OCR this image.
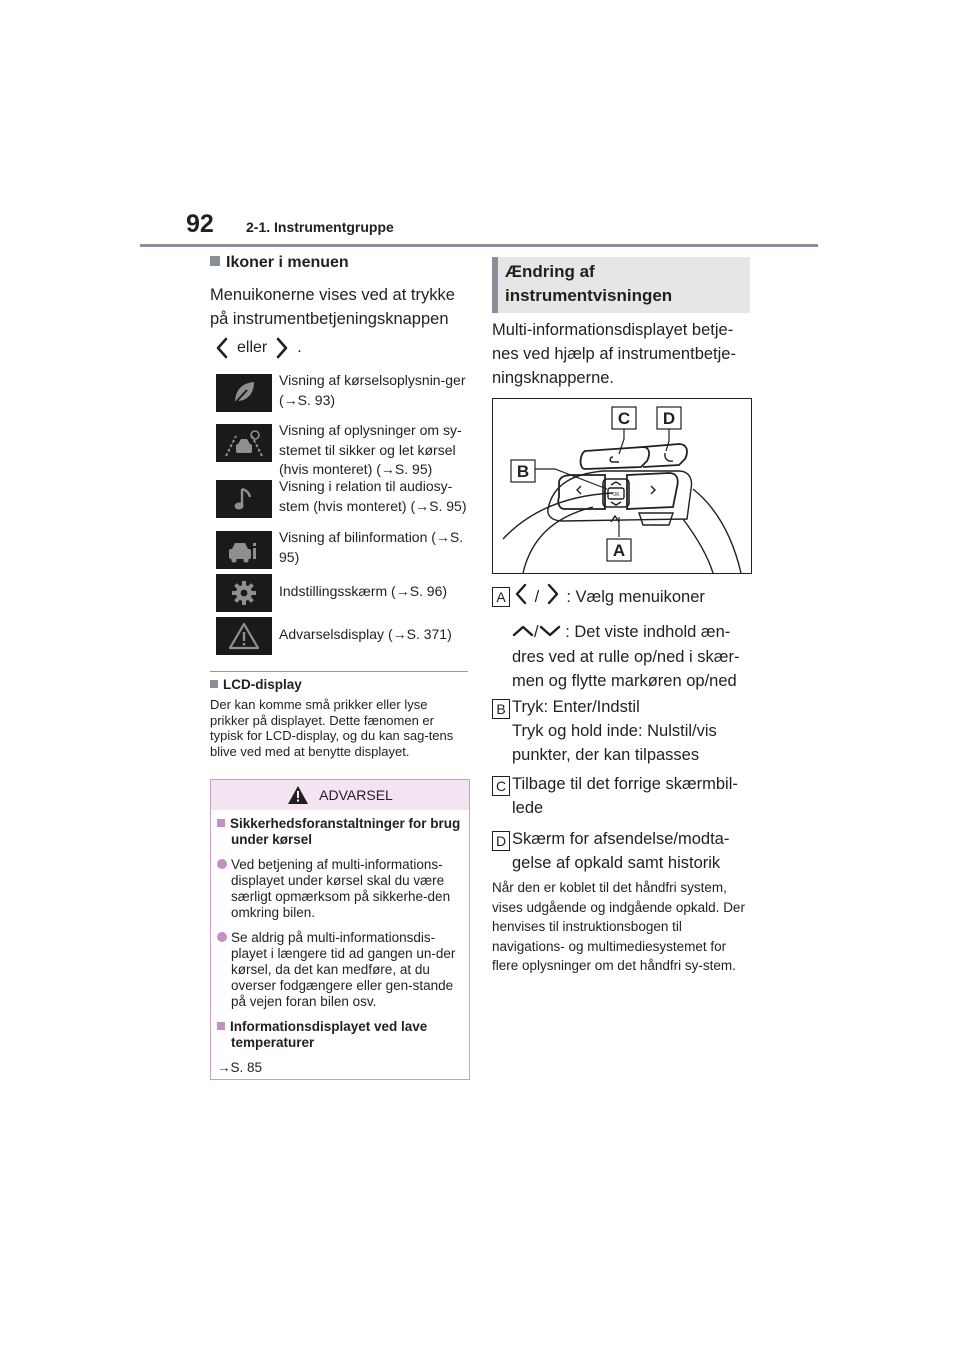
92 2-1. Instrumentgruppe
Ikoner i menuen
Menuikonerne vises ved at trykke på instrumentbetjeningsknappen
eller .
Visning af kørselsoplysnin-ger (→S. 93)
Visning af oplysninger om sy-stemet til sikker og let kørsel (hvis monteret) (→S. 95)
Visning i relation til audiosy-stem (hvis monteret) (→S. 95)
Visning af bilinformation (→S. 95)
Indstillingsskærm (→S. 96)
Advarselsdisplay (→S. 371)
LCD-display
Der kan komme små prikker eller lyse prikker på displayet. Dette fænomen er typisk for LCD-display, og du kan sag-tens blive ved med at benytte displayet.
ADVARSEL
Sikkerhedsforanstaltninger for brug under kørsel
Ved betjening af multi-informations-displayet under kørsel skal du være særligt opmærksom på sikkerhe-den omkring bilen.
Se aldrig på multi-informationsdis-playet i længere tid ad gangen un-der kørsel, da det kan medføre, at du overser fodgængere eller gen-stande på vejen foran bilen osv.
Informationsdisplayet ved lave temperaturer
→S. 85
Ændring af instrumentvisningen
Multi-informationsdisplayet betje-nes ved hjælp af instrumentbetje-ningsknapperne.
OK
C D
B
A
A	/ : Vælg menuikoner
/ : Det viste indhold æn-dres ved at rulle op/ned i skær-men og flytte markøren op/ned
B Tryk: Enter/Indstil
Tryk og hold inde: Nulstil/vis punkter, der kan tilpasses
C Tilbage til det forrige skærmbil-lede
D Skærm for afsendelse/modta-gelse af opkald samt historik
Når den er koblet til det håndfri system, vises udgående og indgående opkald. Der henvises til instruktionsbogen til navigations- og multimediesystemet for flere oplysninger om det håndfri sy-stem.
